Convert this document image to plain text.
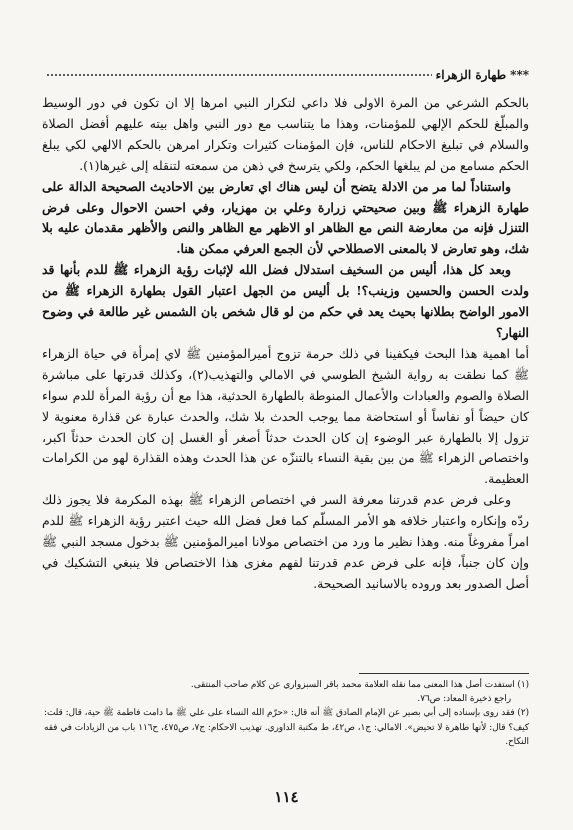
***
طهارة الزهراء

بالحكم الشرعي من المرة الاولى فلا داعي لتكرار النبي امرها إلا ان تكون في دور الوسيط والمبلّغ للحكم الإلهي للمؤمنات، وهذا ما يتناسب مع دور النبي واهل بيته عليهم أفضل الصلاة والسلام في تبليغ الاحكام للناس، فإن المؤمنات كثيرات وتكرار امرهن بالحكم الالهي لكي يبلغ الحكم مسامع من لم يبلغها الحكم، ولكي يترسخ في ذهن من سمعته لتنقله إلى غيرها(١).

واستناداً لما مر من الادلة يتضح أن ليس هناك اي تعارض بين الاحاديث الصحيحة الدالة على طهارة الزهراء ﷺ وبين صحيحتي زرارة وعلي بن مهزيار، وفي احسن الاحوال وعلى فرض التنزل فإنه من معارضة النص مع الظاهر او الاظهر مع الظاهر والنص والأظهر مقدمان عليه بلا شك، وهو تعارض لا بالمعنى الاصطلاحي لأن الجمع العرفي ممكن هنا.

وبعد كل هذا، أليس من السخيف استدلال فضل الله لإثبات رؤية الزهراء ﷺ للدم بأنها قد ولدت الحسن والحسين وزينب؟! بل أليس من الجهل اعتبار القول بطهارة الزهراء ﷺ من الامور الواضح بطلانها بحيث يعد في حكم من لو قال شخص بان الشمس غير طالعة في وضوح النهار؟

أما اهمية هذا البحث فيكفينا في ذلك حرمة تزوج أميرالمؤمنين ﷺ لاي إمرأة في حياة الزهراء ﷺ كما نطقت به رواية الشيخ الطوسي في الامالي والتهذيب(٢)، وكذلك قدرتها على مباشرة الصلاة والصوم والعبادات والأعمال المنوطة بالطهارة الحدثية، هذا مع أن رؤية المرأة للدم سواء كان حيضاً أو نفاساً أو استحاضة مما يوجب الحدث بلا شك، والحدث عبارة عن قذارة معنوية لا تزول إلا بالطهارة عبر الوضوء إن كان الحدث حدثاً أصغر أو الغسل إن كان الحدث حدثاً اكبر، واختصاص الزهراء ﷺ من بين بقية النساء بالتنزّه عن هذا الحدث وهذه القذارة لهو من الكرامات العظيمة.

وعلى فرض عدم قدرتنا معرفة السر في اختصاص الزهراء ﷺ بهذه المكرمة فلا يجوز ذلك ردّه وإنكاره واعتبار خلافه هو الأمر المسلّم كما فعل فضل الله حيث اعتبر رؤية الزهراء ﷺ للدم امراً مفروغاً منه. وهذا نظير ما ورد من اختصاص مولانا اميرالمؤمنين ﷺ بدخول مسجد النبي ﷺ وإن كان جنباً، فإنه على فرض عدم قدرتنا لفهم مغزى هذا الاختصاص فلا ينبغي التشكيك في أصل الصدور بعد وروده بالاسانيد الصحيحة.

(١) استفدت أصل هذا المعنى مما نقله العلامة محمد باقر السبزواري عن كلام صاحب المنتقى.

راجع ذخيرة المعاد: ص٧٦.

(٢) فقد روى بإسناده إلى أبي بصير عن الإمام الصادق ﷺ أنه قال: «حرّم الله النساء على علي ﷺ ما دامت فاطمة ﷺ حية، قال: قلت: كيف؟ قال: لأنها طاهرة لا تحيض». الامالي: ج١، ص٤٢، ط مكتبة الداوري. تهذيب الاحكام: ج٧، ص٤٧٥، ح١١٦ باب من الزيادات في فقه النكاح.

١١٤
